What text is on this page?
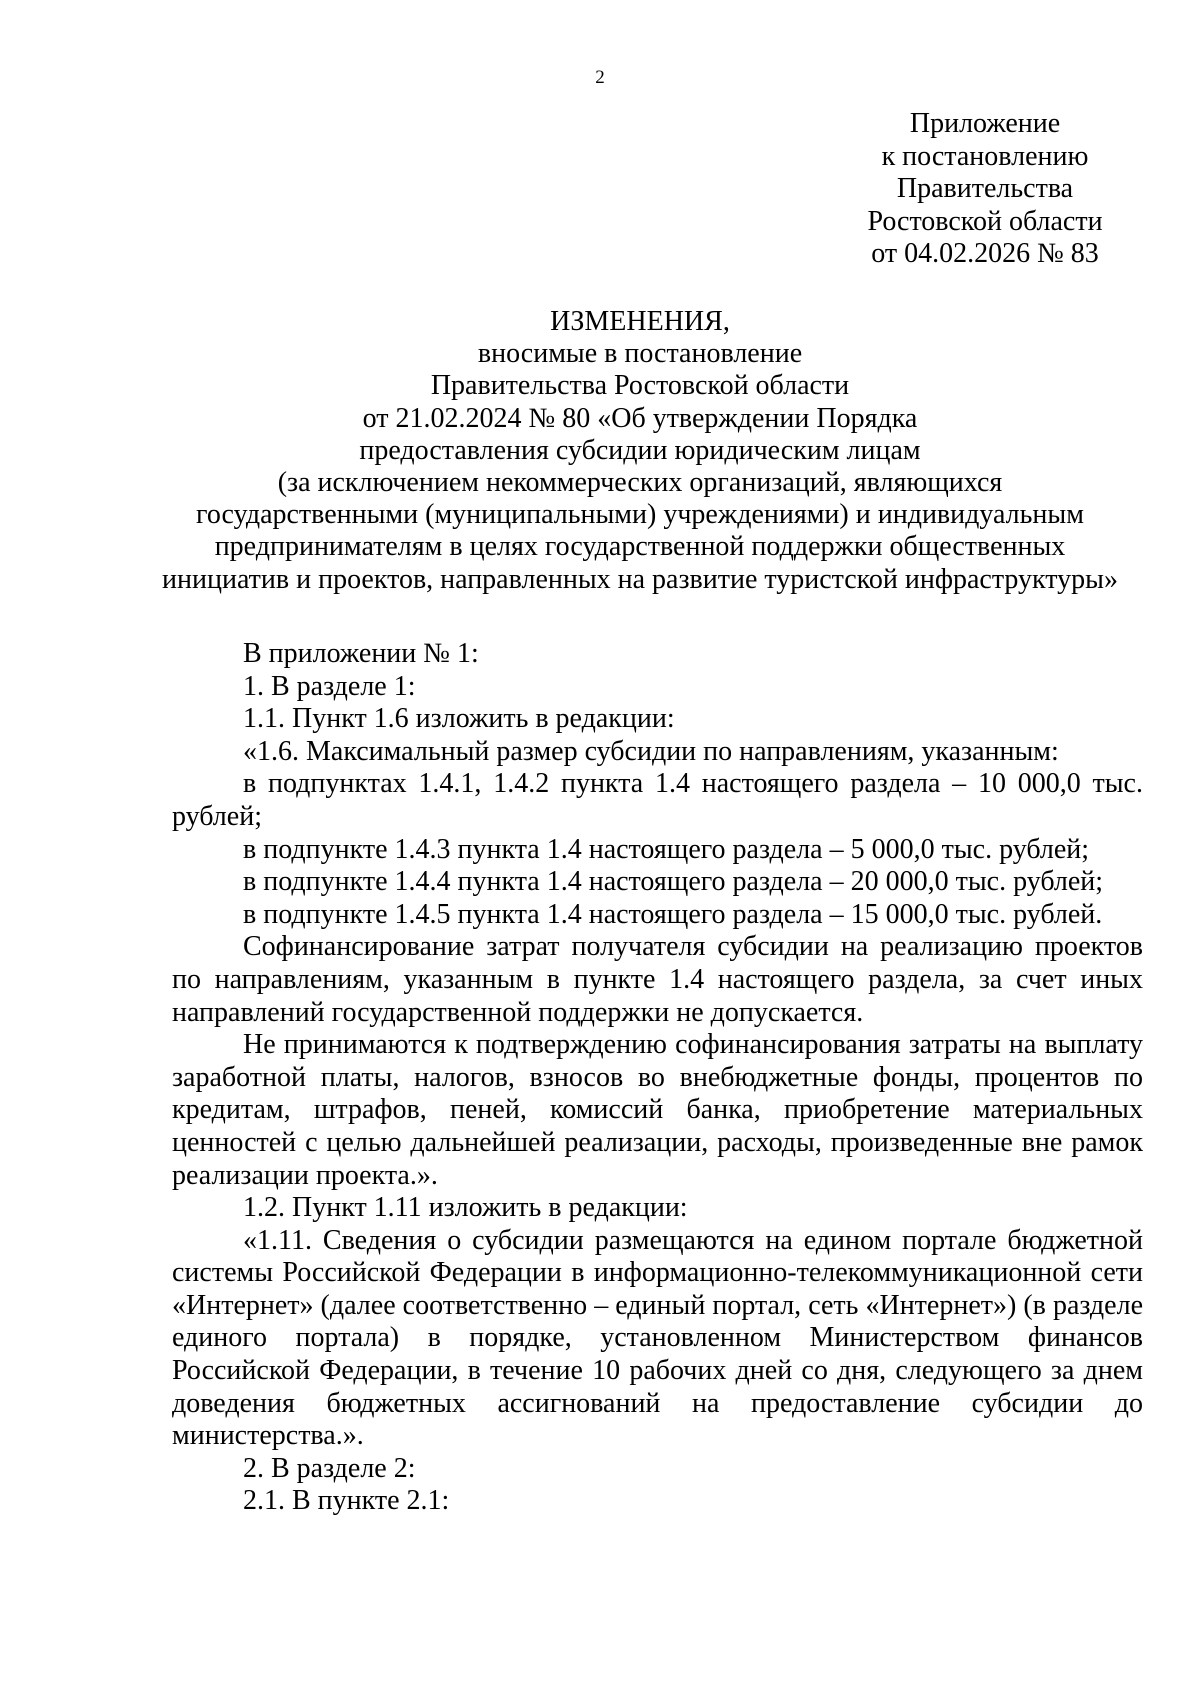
2
Приложение
к постановлению
Правительства
Ростовской области
от 04.02.2026 № 83
ИЗМЕНЕНИЯ,
вносимые в постановление
Правительства Ростовской области
от 21.02.2024 № 80 «Об утверждении Порядка
предоставления субсидии юридическим лицам
(за исключением некоммерческих организаций, являющихся
государственными (муниципальными) учреждениями) и индивидуальным
предпринимателям в целях государственной поддержки общественных
инициатив и проектов, направленных на развитие туристской инфраструктуры»

В приложении № 1:

1. В разделе 1:

1.1. Пункт 1.6 изложить в редакции:

«1.6. Максимальный размер субсидии по направлениям, указанным:

в подпунктах 1.4.1, 1.4.2 пункта 1.4 настоящего раздела – 10 000,0 тыс. рублей;

в подпункте 1.4.3 пункта 1.4 настоящего раздела – 5 000,0 тыс. рублей;

в подпункте 1.4.4 пункта 1.4 настоящего раздела – 20 000,0 тыс. рублей;

в подпункте 1.4.5 пункта 1.4 настоящего раздела – 15 000,0 тыс. рублей.

Софинансирование затрат получателя субсидии на реализацию проектов по направлениям, указанным в пункте 1.4 настоящего раздела, за счет иных направлений государственной поддержки не допускается.

Не принимаются к подтверждению софинансирования затраты на выплату заработной платы, налогов, взносов во внебюджетные фонды, процентов по кредитам, штрафов, пеней, комиссий банка, приобретение материальных ценностей с целью дальнейшей реализации, расходы, произведенные вне рамок реализации проекта.».

1.2. Пункт 1.11 изложить в редакции:

«1.11. Сведения о субсидии размещаются на едином портале бюджетной системы Российской Федерации в информационно-телекоммуникационной сети «Интернет» (далее соответственно – единый портал, сеть «Интернет») (в разделе единого портала) в порядке, установленном Министерством финансов Российской Федерации, в течение 10 рабочих дней со дня, следующего за днем доведения бюджетных ассигнований на предоставление субсидии до министерства.».

2. В разделе 2:

2.1. В пункте 2.1:
